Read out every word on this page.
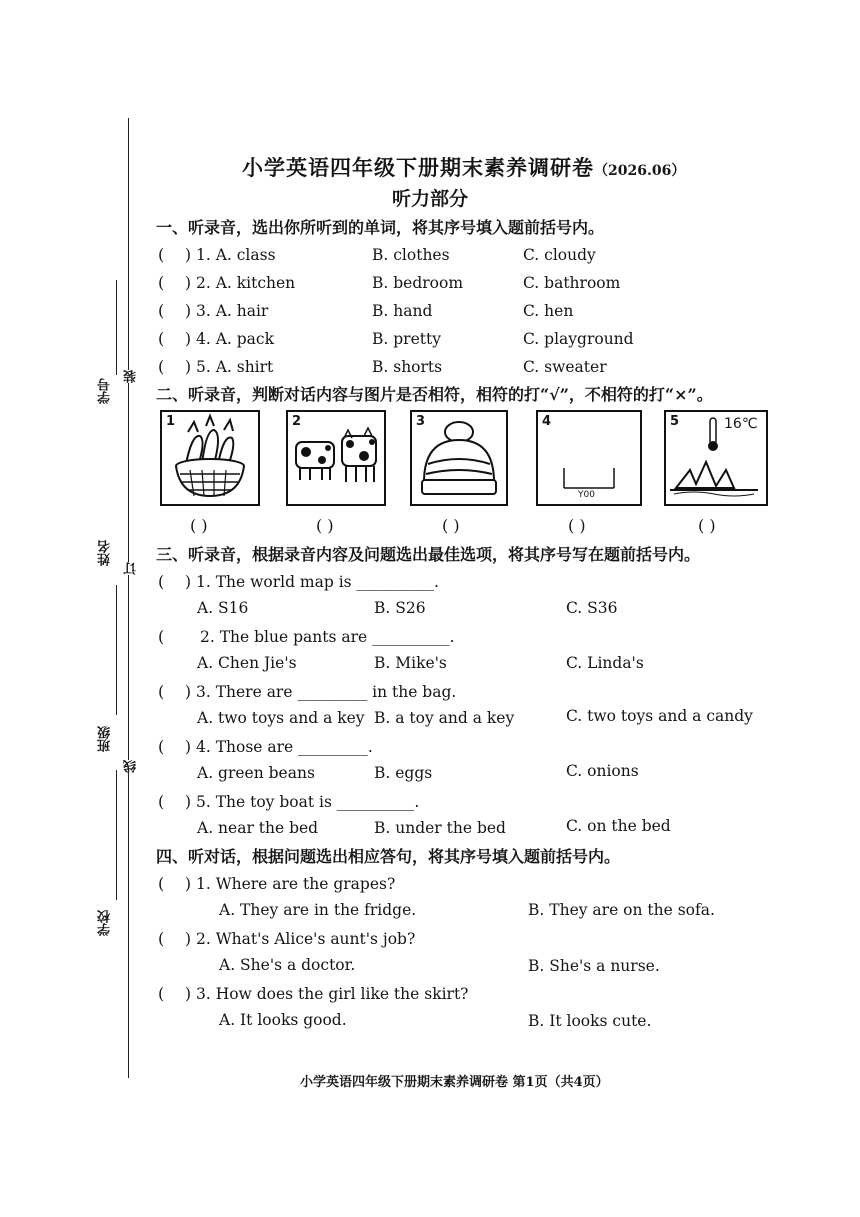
学号
姓名
班级
学校
装
订
线
小学英语四年级下册期末素养调研卷（2026.06）
听力部分
一、听录音，选出你所听到的单词，将其序号填入题前括号内。
( ) 1. A. class	B. clothes	C. cloudy
( ) 2. A. kitchen	B. bedroom	C. bathroom
( ) 3. A. hair	B. hand	C. hen
( ) 4. A. pack	B. pretty	C. playground
( ) 5. A. shirt	B. shorts	C. sweater
二、听录音，判断对话内容与图片是否相符，相符的打“√”，不相符的打“×”。
1
( )
2
( )
3
( )
4
Y00
( )
5	16℃
( )
三、听录音，根据录音内容及问题选出最佳选项，将其序号写在题前括号内。
( ) 1. The world map is __________.
A. S16	B. S26	C. S36
( 2. The blue pants are __________.
A. Chen Jie's	B. Mike's	C. Linda's
( ) 3. There are _________ in the bag.
A. two toys and a key B. a toy and a key	C. two toys and a candy
( ) 4. Those are _________.
A. green beans	B. eggs	C. onions
( ) 5. The toy boat is __________.
A. near the bed	B. under the bed	C. on the bed
四、听对话，根据问题选出相应答句，将其序号填入题前括号内。
( ) 1. Where are the grapes?
A. They are in the fridge.	B. They are on the sofa.
( ) 2. What's Alice's aunt's job?
A. She's a doctor.	B. She's a nurse.
( ) 3. How does the girl like the skirt?
A. It looks good.	B. It looks cute.
小学英语四年级下册期末素养调研卷 第1页（共4页）
